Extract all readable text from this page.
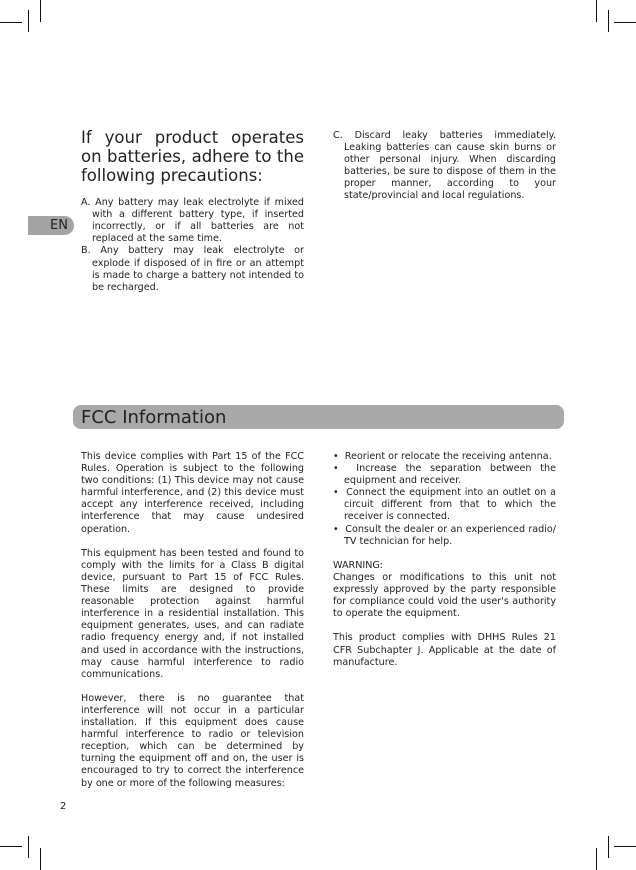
EN

If your product operates on batteries, adhere to the following precautions:

A. Any battery may leak electrolyte if mixed with a different battery type, if inserted incorrectly, or if all batteries are not replaced at the same time.
B. Any battery may leak electrolyte or explode if disposed of in fire or an attempt is made to charge a battery not intended to be recharged.
C. Discard leaky batteries immediately. Leaking batteries can cause skin burns or other personal injury. When discarding batteries, be sure to dispose of them in the proper manner, according to your state/provincial and local regulations.
FCC Information

This device complies with Part 15 of the FCC Rules. Operation is subject to the following two conditions: (1) This device may not cause harmful interference, and (2) this device must accept any interference received, including interference that may cause undesired operation.

This equipment has been tested and found to comply with the limits for a Class B digital device, pursuant to Part 15 of FCC Rules. These limits are designed to provide reasonable protection against harmful interference in a residential installation. This equipment generates, uses, and can radiate radio frequency energy and, if not installed and used in accordance with the instructions, may cause harmful interference to radio communications.

However, there is no guarantee that interference will not occur in a particular installation. If this equipment does cause harmful interference to radio or television reception, which can be determined by turning the equipment off and on, the user is encouraged to try to correct the interference by one or more of the following measures:

•  Reorient or relocate the receiving antenna.
•  Increase the separation between the equipment and receiver.
•  Connect the equipment into an outlet on a circuit different from that to which the receiver is connected.
•  Consult the dealer or an experienced radio/ TV technician for help.
WARNING:

Changes or modifications to this unit not expressly approved by the party responsible for compliance could void the user's authority to operate the equipment.

This product complies with DHHS Rules 21 CFR Subchapter J. Applicable at the date of manufacture.

2
